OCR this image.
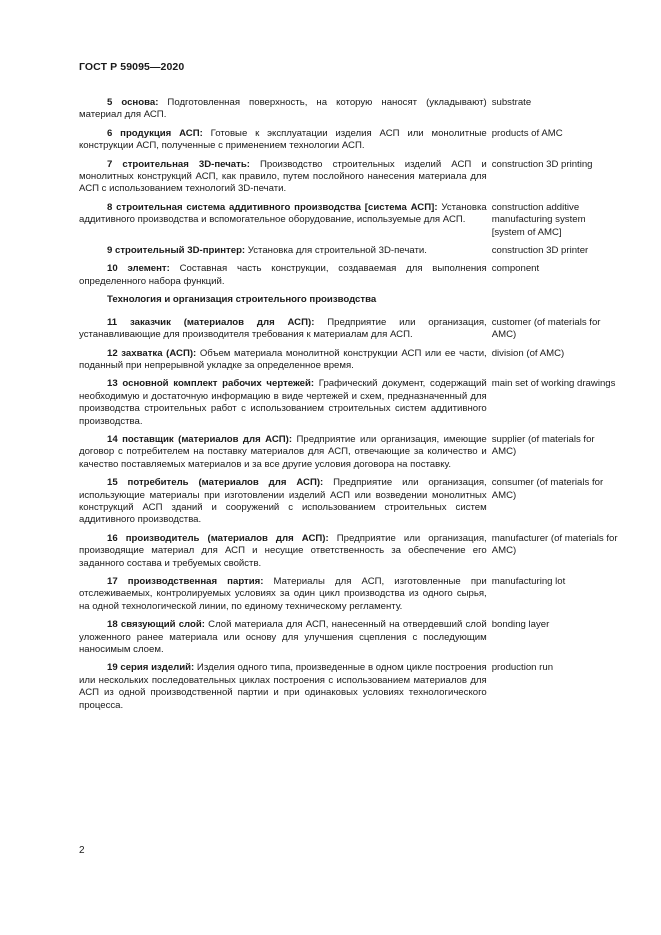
ГОСТ Р 59095—2020
5 основа: Подготовленная поверхность, на которую наносят (укладывают) материал для АСП.
substrate
6 продукция АСП: Готовые к эксплуатации изделия АСП или монолитные конструкции АСП, полученные с применением технологии АСП.
products of AMC
7 строительная 3D-печать: Производство строительных изделий АСП и монолитных конструкций АСП, как правило, путем послойного нанесения материала для АСП с использованием технологий 3D-печати.
construction 3D printing
8 строительная система аддитивного производства [система АСП]: Установка аддитивного производства и вспомогательное оборудование, используемые для АСП.
construction additive manufacturing system [system of AMC]
9 строительный 3D-принтер: Установка для строительной 3D-печати.	construction 3D printer
10 элемент: Составная часть конструкции, создаваемая для выполнения определенного набора функций.
component
Технология и организация строительного производства
11 заказчик (материалов для АСП): Предприятие или организация, устанавливающие для производителя требования к материалам для АСП.
customer (of materials for AMC)
12 захватка (АСП): Объем материала монолитной конструкции АСП или ее части, поданный при непрерывной укладке за определенное время.
division (of AMC)
13 основной комплект рабочих чертежей: Графический документ, содержащий необходимую и достаточную информацию в виде чертежей и схем, предназначенный для производства строительных работ с использованием строительных систем аддитивного производства.
main set of working drawings
14 поставщик (материалов для АСП): Предприятие или организация, имеющие договор с потребителем на поставку материалов для АСП, отвечающие за количество и качество поставляемых материалов и за все другие условия договора на поставку.
supplier (of materials for AMC)
15 потребитель (материалов для АСП): Предприятие или организация, использующие материалы при изготовлении изделий АСП или возведении монолитных конструкций АСП зданий и сооружений с использованием строительных систем аддитивного производства.
consumer (of materials for AMC)
16 производитель (материалов для АСП): Предприятие или организация, производящие материал для АСП и несущие ответственность за обеспечение его заданного состава и требуемых свойств.
manufacturer (of materials for AMC)
17 производственная партия: Материалы для АСП, изготовленные при отслеживаемых, контролируемых условиях за один цикл производства из одного сырья, на одной технологической линии, по единому техническому регламенту.
manufacturing lot
18 связующий слой: Слой материала для АСП, нанесенный на отвердевший слой уложенного ранее материала или основу для улучшения сцепления с последующим наносимым слоем.
bonding layer
19 серия изделий: Изделия одного типа, произведенные в одном цикле построения или нескольких последовательных циклах построения с использованием материалов для АСП из одной производственной партии и при одинаковых условиях технологического процесса.
production run
2
